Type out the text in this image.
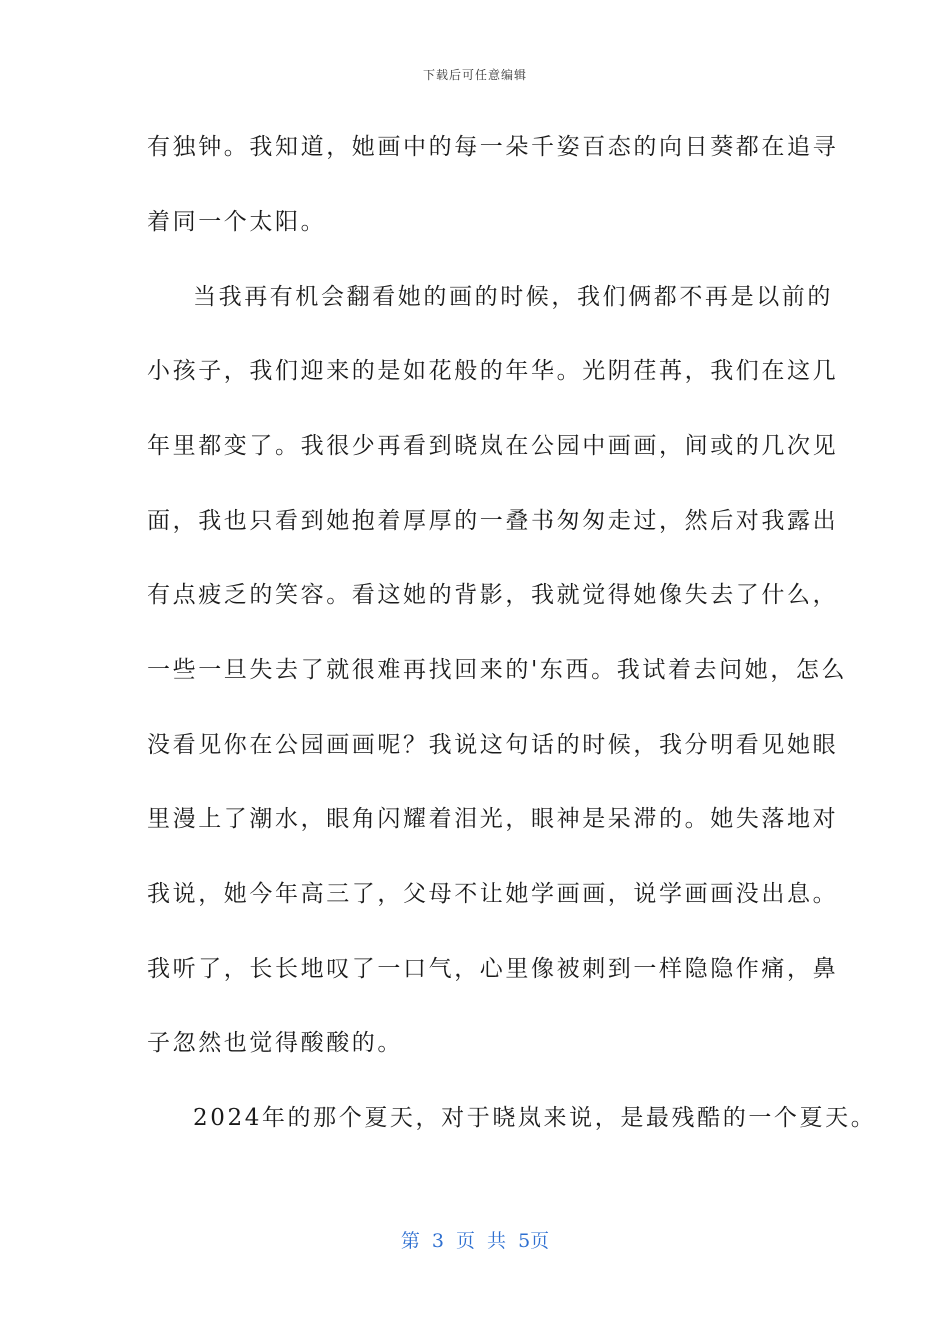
下载后可任意编辑
有独钟。我知道，她画中的每一朵千姿百态的向日葵都在追寻
着同一个太阳。
当我再有机会翻看她的画的时候，我们俩都不再是以前的
小孩子，我们迎来的是如花般的年华。光阴荏苒，我们在这几
年里都变了。我很少再看到晓岚在公园中画画，间或的几次见
面，我也只看到她抱着厚厚的一叠书匆匆走过，然后对我露出
有点疲乏的笑容。看这她的背影，我就觉得她像失去了什么，
一些一旦失去了就很难再找回来的'东西。我试着去问她，怎么
没看见你在公园画画呢？我说这句话的时候，我分明看见她眼
里漫上了潮水，眼角闪耀着泪光，眼神是呆滞的。她失落地对
我说，她今年高三了，父母不让她学画画，说学画画没出息。
我听了，长长地叹了一口气，心里像被刺到一样隐隐作痛，鼻
子忽然也觉得酸酸的。
2024年的那个夏天，对于晓岚来说，是最残酷的一个夏天。
第 3 页 共 5页
